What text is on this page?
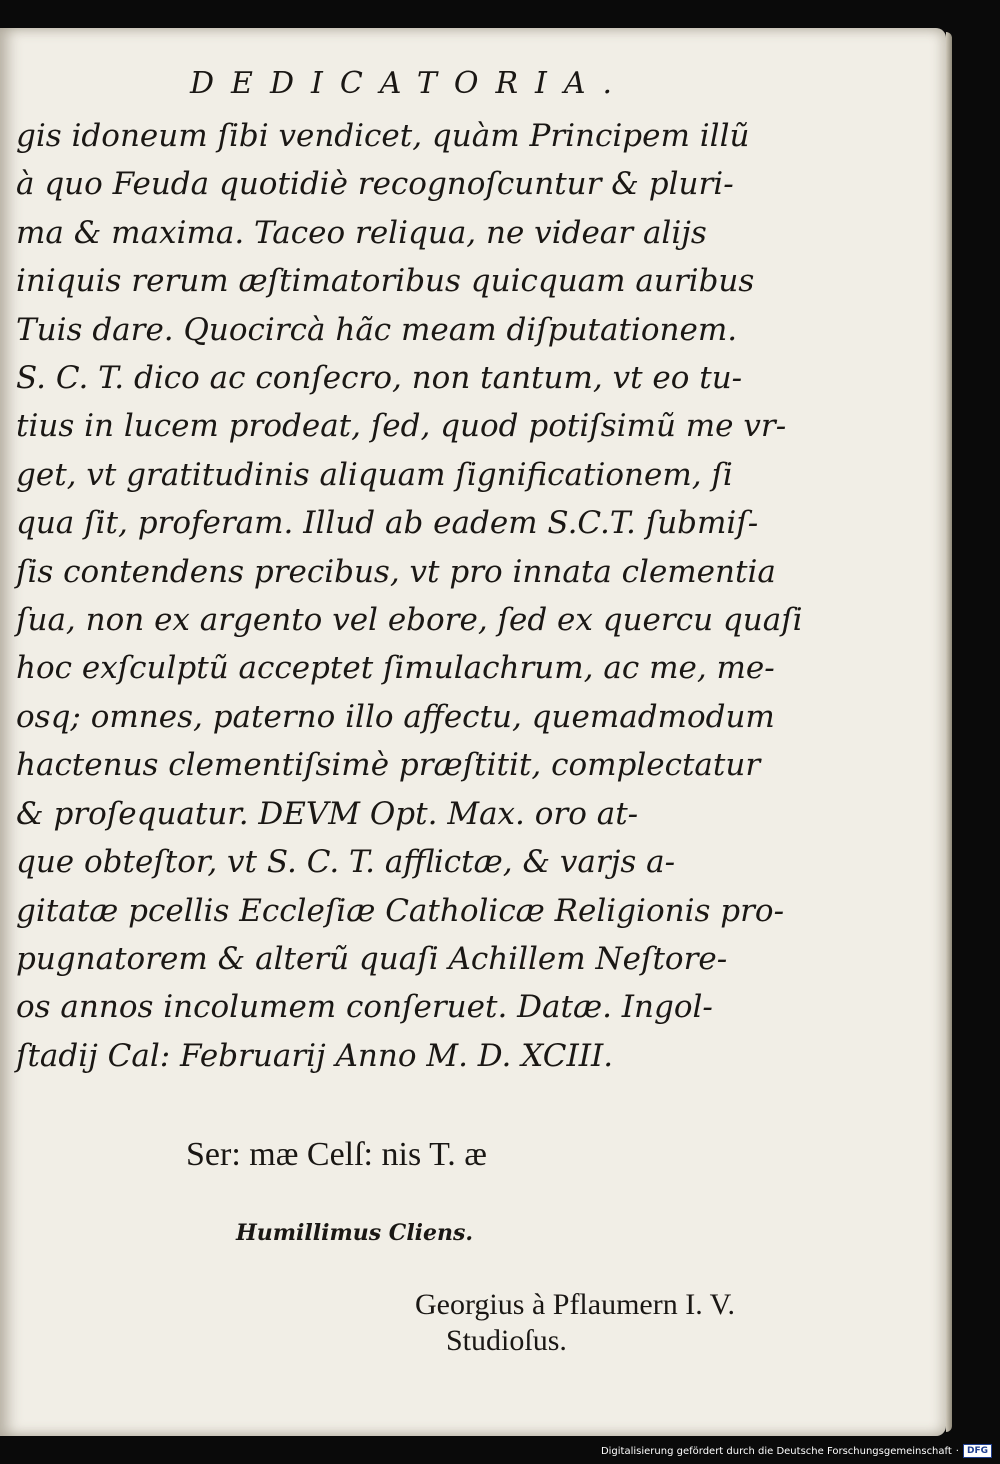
DEDICATORIA.
gis idoneum ſibi vendicet, quàm Principem illũ
à quo Feuda quotidiè recognoſcuntur & pluri-
ma & maxima. Taceo reliqua, ne videar aliјs
iniquis rerum æſtimatoribus quicquam auribus
Tuis dare. Quocircà hãc meam diſputationem.
S. C. T. dico ac conſecro, non tantum, vt eo tu-
tius in lucem prodeat, ſed, quod potiſsimũ me vr-
get, vt gratitudinis aliquam ſignificationem, ſi
qua ſit, proferam. Illud ab eadem S.C.T. ſubmiſ-
ſis contendens precibus, vt pro innata clementia
ſua, non ex argento vel ebore, ſed ex quercu quaſi
hoc exſculptũ acceptet ſimulachrum, ac me, me-
osq; omnes, paterno illo affectu, quemadmodum
hactenus clementiſsimè præſtitit, complectatur
& proſequatur. DEVM Opt. Max. oro at-
que obteſtor, vt S. C. T. afflictæ, & varјs a-
gitatæ pcellis Eccleſiæ Catholicæ Religionis pro-
pugnatorem & alterũ quaſi Achillem Neſtore-
os annos incolumem conſeruet. Datæ. Ingol-
ſtadij Cal: Februarij Anno M. D. XCIII.
Ser: mæ Celſ: nis T. æ
Humillimus Cliens.
Georgius à Pflaumern I. V.
Studioſus.
Digitalisierung gefördert durch die Deutsche Forschungsgemeinschaft · DFG
